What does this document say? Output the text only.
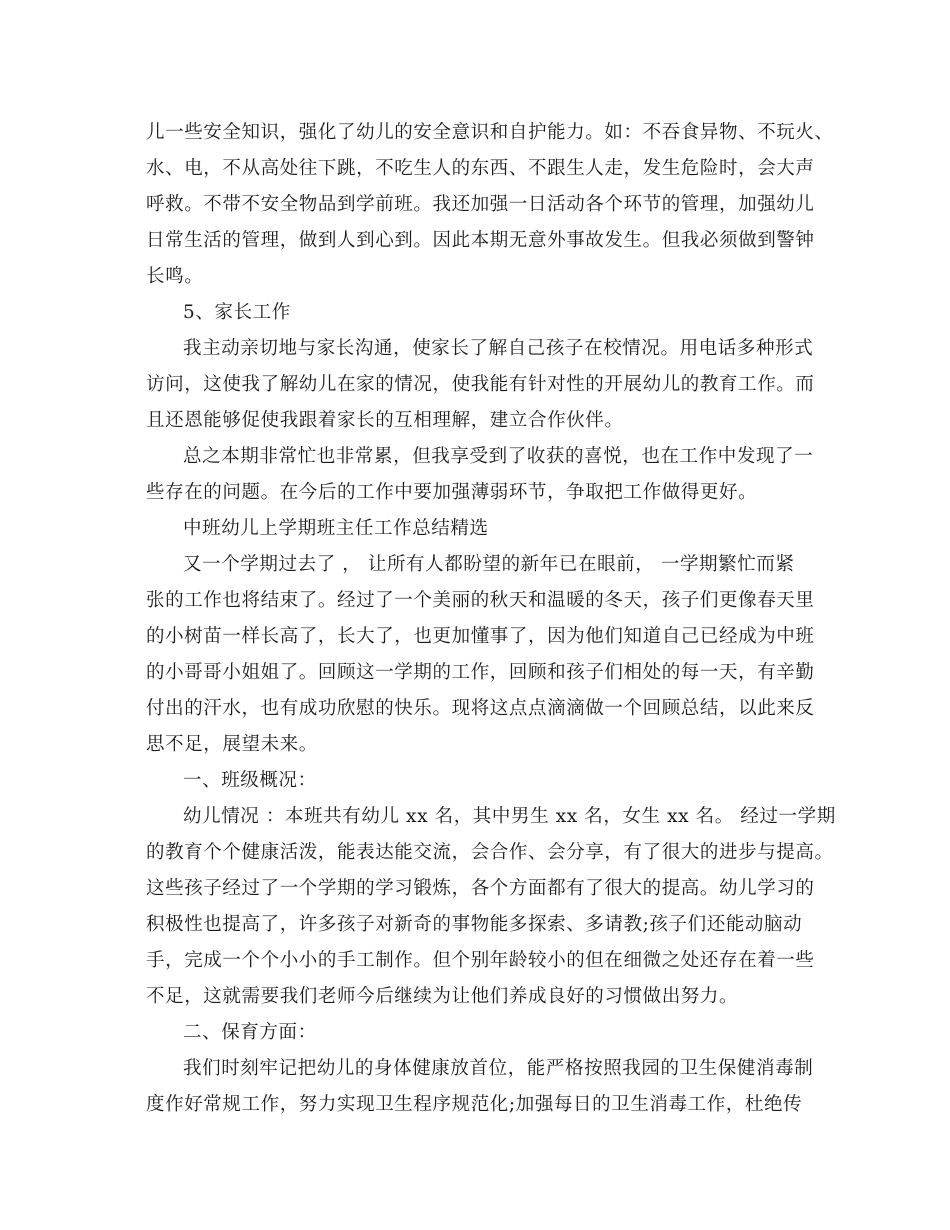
儿一些安全知识，强化了幼儿的安全意识和自护能力。如：不吞食异物、不玩火、
水、电，不从高处往下跳，不吃生人的东西、不跟生人走，发生危险时，会大声
呼救。不带不安全物品到学前班。我还加强一日活动各个环节的管理，加强幼儿
日常生活的管理，做到人到心到。因此本期无意外事故发生。但我必须做到警钟
长鸣。
5、家长工作
我主动亲切地与家长沟通，使家长了解自己孩子在校情况。用电话多种形式
访问，这使我了解幼儿在家的情况，使我能有针对性的开展幼儿的教育工作。而
且还恩能够促使我跟着家长的互相理解，建立合作伙伴。
总之本期非常忙也非常累，但我享受到了收获的喜悦，也在工作中发现了一
些存在的问题。在今后的工作中要加强薄弱环节，争取把工作做得更好。
中班幼儿上学期班主任工作总结精选
又一个学期过去了 ， 让所有人都盼望的新年已在眼前， 一学期繁忙而紧
张的工作也将结束了。经过了一个美丽的秋天和温暖的冬天，孩子们更像春天里
的小树苗一样长高了，长大了，也更加懂事了，因为他们知道自己已经成为中班
的小哥哥小姐姐了。回顾这一学期的工作，回顾和孩子们相处的每一天，有辛勤
付出的汗水，也有成功欣慰的快乐。现将这点点滴滴做一个回顾总结，以此来反
思不足，展望未来。
一、班级概况：
幼儿情况 ：本班共有幼儿 xx 名，其中男生 xx 名，女生 xx 名。 经过一学期
的教育个个健康活泼，能表达能交流，会合作、会分享，有了很大的进步与提高。
这些孩子经过了一个学期的学习锻炼，各个方面都有了很大的提高。幼儿学习的
积极性也提高了，许多孩子对新奇的事物能多探索、多请教;孩子们还能动脑动
手，完成一个个小小的手工制作。但个别年龄较小的但在细微之处还存在着一些
不足，这就需要我们老师今后继续为让他们养成良好的习惯做出努力。
二、保育方面：
我们时刻牢记把幼儿的身体健康放首位，能严格按照我园的卫生保健消毒制
度作好常规工作，努力实现卫生程序规范化;加强每日的卫生消毒工作，杜绝传
